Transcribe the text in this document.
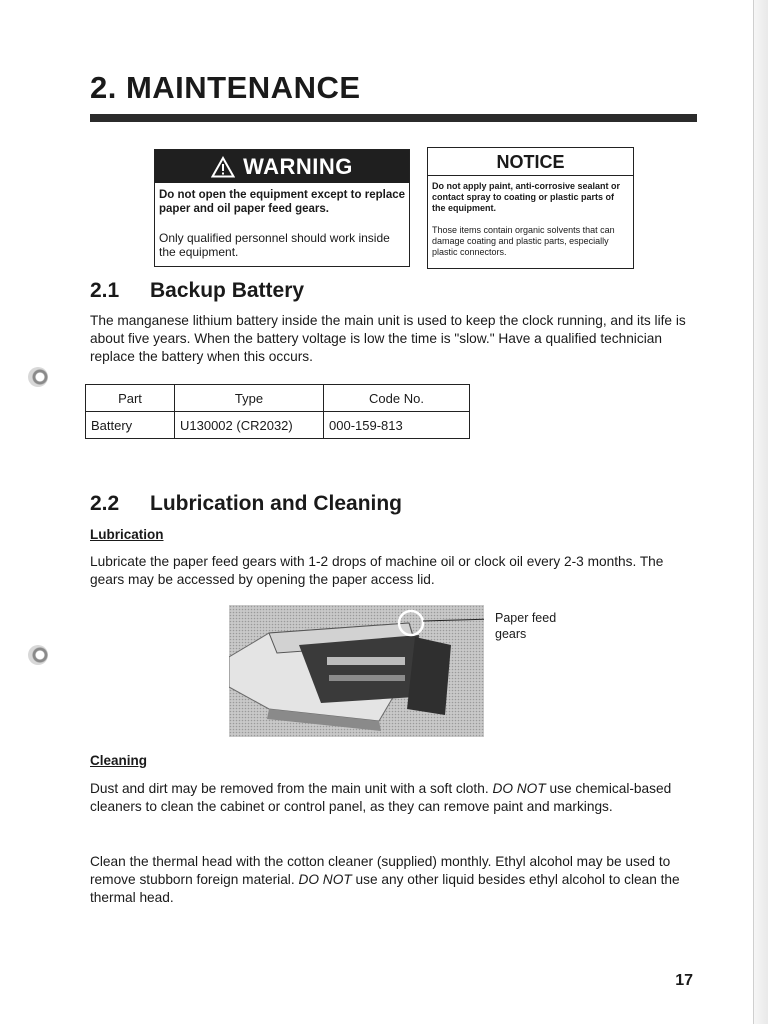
2. MAINTENANCE
WARNING
Do not open the equipment except to replace paper and oil paper feed gears.
Only qualified personnel should work inside the equipment.
NOTICE
Do not apply paint, anti-corrosive sealant or contact spray to coating or plastic parts of the equipment.
Those items contain organic solvents that can damage coating and plastic parts, especially plastic connectors.
2.1 Backup Battery

The manganese lithium battery inside the main unit is used to keep the clock running, and its life is about five years. When the battery voltage is low the time is "slow." Have a qualified technician replace the battery when this occurs.

Part	Type	Code No.
Battery	U130002 (CR2032)	000-159-813
2.2 Lubrication and Cleaning
Lubrication

Lubricate the paper feed gears with 1-2 drops of machine oil or clock oil every 2-3 months. The gears may be accessed by opening the paper access lid.

Paper feed gears
Cleaning

Dust and dirt may be removed from the main unit with a soft cloth. DO NOT use chemical-based cleaners to clean the cabinet or control panel, as they can remove paint and markings.

Clean the thermal head with the cotton cleaner (supplied) monthly. Ethyl alcohol may be used to remove stubborn foreign material. DO NOT use any other liquid besides ethyl alcohol to clean the thermal head.

17
